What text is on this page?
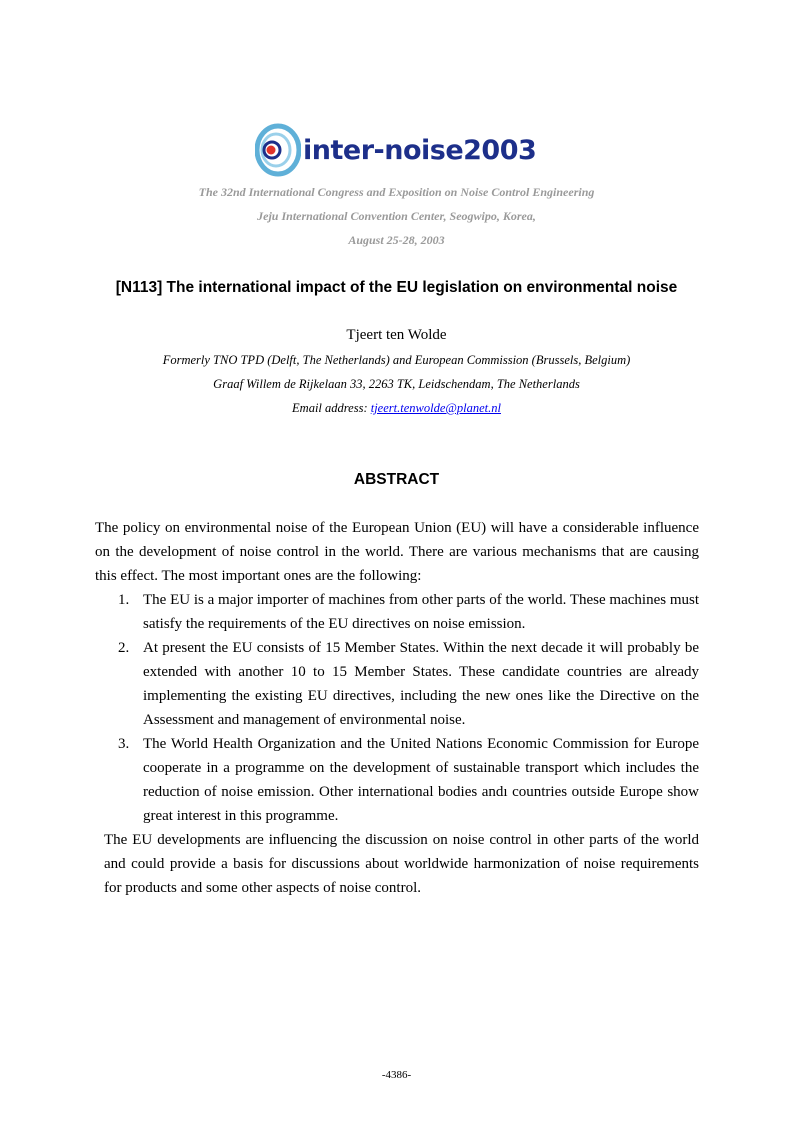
inter-noise2003
The 32nd International Congress and Exposition on Noise Control Engineering
Jeju International Convention Center, Seogwipo, Korea,
August 25-28, 2003
[N113] The international impact of the EU legislation on environmental noise
Tjeert ten Wolde
Formerly TNO TPD (Delft, The Netherlands) and European Commission (Brussels, Belgium)
Graaf Willem de Rijkelaan 33, 2263 TK, Leidschendam, The Netherlands
Email address: tjeert.tenwolde@planet.nl
ABSTRACT

The policy on environmental noise of the European Union (EU) will have a considerable influence on the development of noise control in the world. There are various mechanisms that are causing this effect. The most important ones are the following:

1. The EU is a major importer of machines from other parts of the world. These machines must satisfy the requirements of the EU directives on noise emission.
2. At present the EU consists of 15 Member States. Within the next decade it will probably be extended with another 10 to 15 Member States. These candidate countries are already implementing the existing EU directives, including the new ones like the Directive on the Assessment and management of environmental noise.
3. The World Health Organization and the United Nations Economic Commission for Europe cooperate in a programme on the development of sustainable transport which includes the reduction of noise emission. Other international bodies andı countries outside Europe show great interest in this programme.

The EU developments are influencing the discussion on noise control in other parts of the world and could provide a basis for discussions about worldwide harmonization of noise requirements for products and some other aspects of noise control.

-4386-
